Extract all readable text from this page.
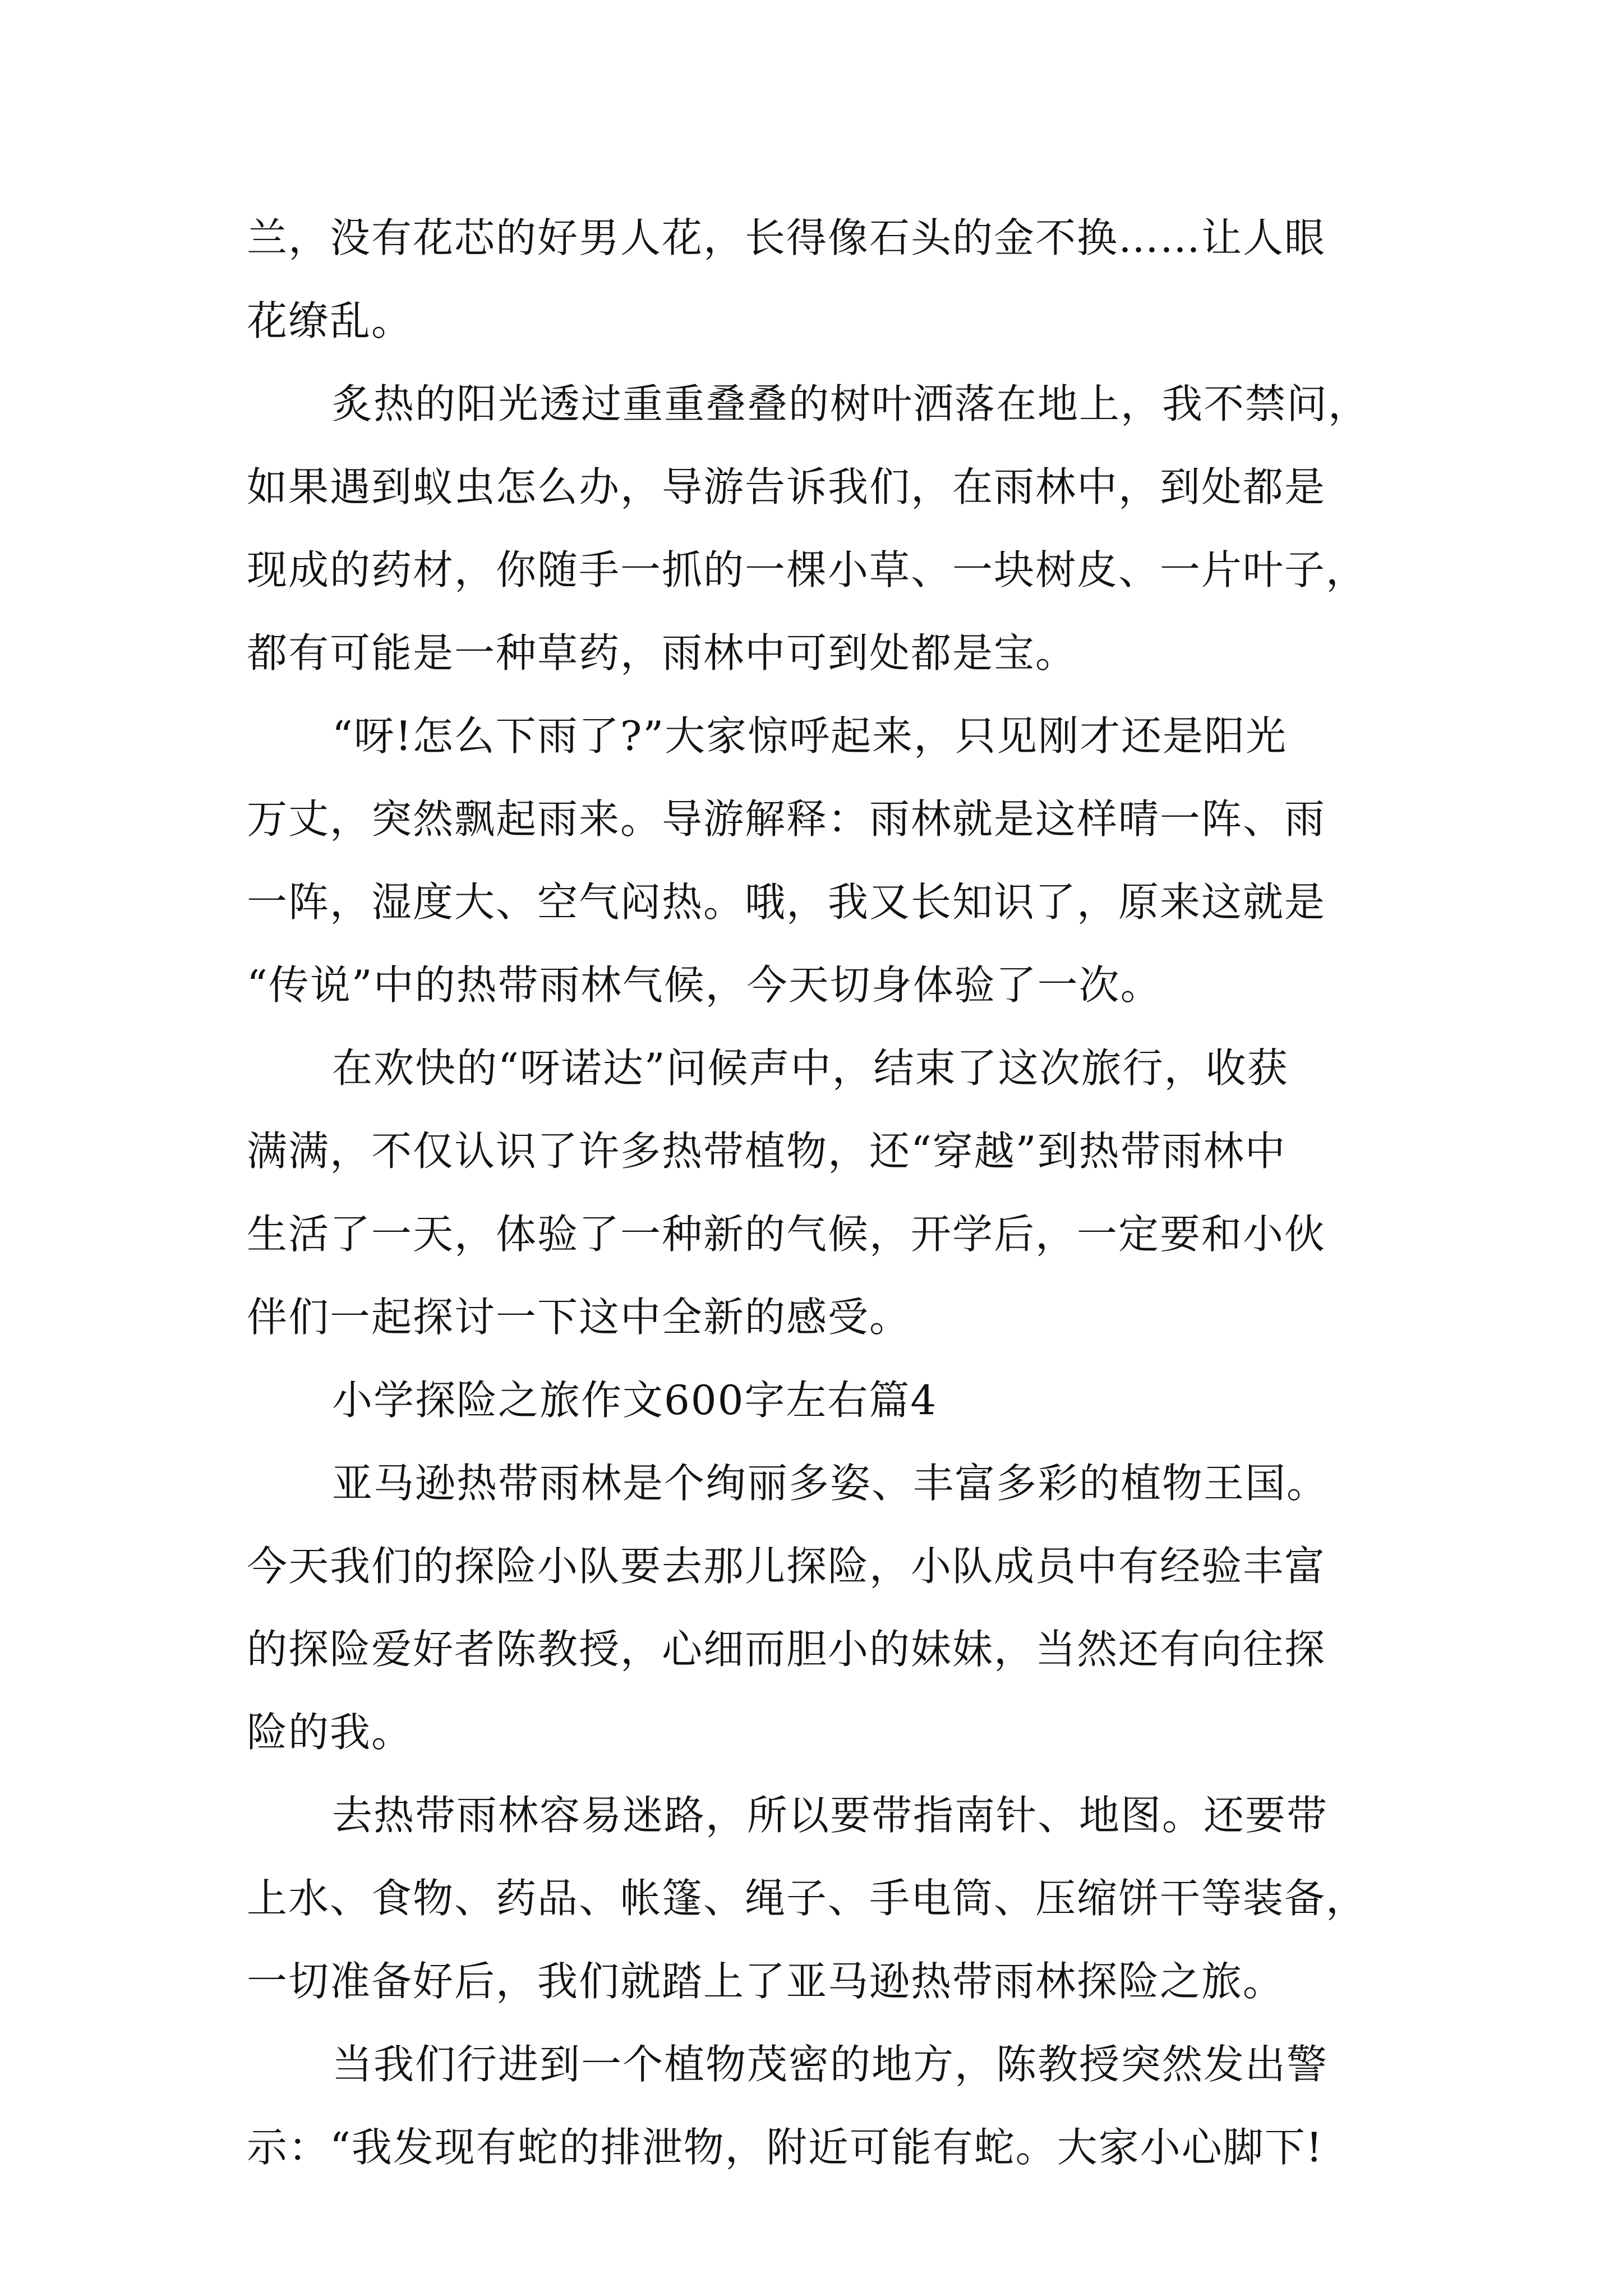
兰，没有花芯的好男人花，长得像石头的金不换……让人眼
花缭乱。
炙热的阳光透过重重叠叠的树叶洒落在地上，我不禁问，
如果遇到蚁虫怎么办，导游告诉我们，在雨林中，到处都是
现成的药材，你随手一抓的一棵小草、一块树皮、一片叶子，
都有可能是一种草药，雨林中可到处都是宝。
“呀!怎么下雨了?”大家惊呼起来，只见刚才还是阳光
万丈，突然飘起雨来。导游解释：雨林就是这样晴一阵、雨
一阵，湿度大、空气闷热。哦，我又长知识了，原来这就是
“传说”中的热带雨林气候，今天切身体验了一次。
在欢快的“呀诺达”问候声中，结束了这次旅行，收获
满满，不仅认识了许多热带植物，还“穿越”到热带雨林中
生活了一天，体验了一种新的气候，开学后，一定要和小伙
伴们一起探讨一下这中全新的感受。
小学探险之旅作文600字左右篇4
亚马逊热带雨林是个绚丽多姿、丰富多彩的植物王国。
今天我们的探险小队要去那儿探险，小队成员中有经验丰富
的探险爱好者陈教授，心细而胆小的妹妹，当然还有向往探
险的我。
去热带雨林容易迷路，所以要带指南针、地图。还要带
上水、食物、药品、帐篷、绳子、手电筒、压缩饼干等装备，
一切准备好后，我们就踏上了亚马逊热带雨林探险之旅。
当我们行进到一个植物茂密的地方，陈教授突然发出警
示：“我发现有蛇的排泄物，附近可能有蛇。大家小心脚下!
